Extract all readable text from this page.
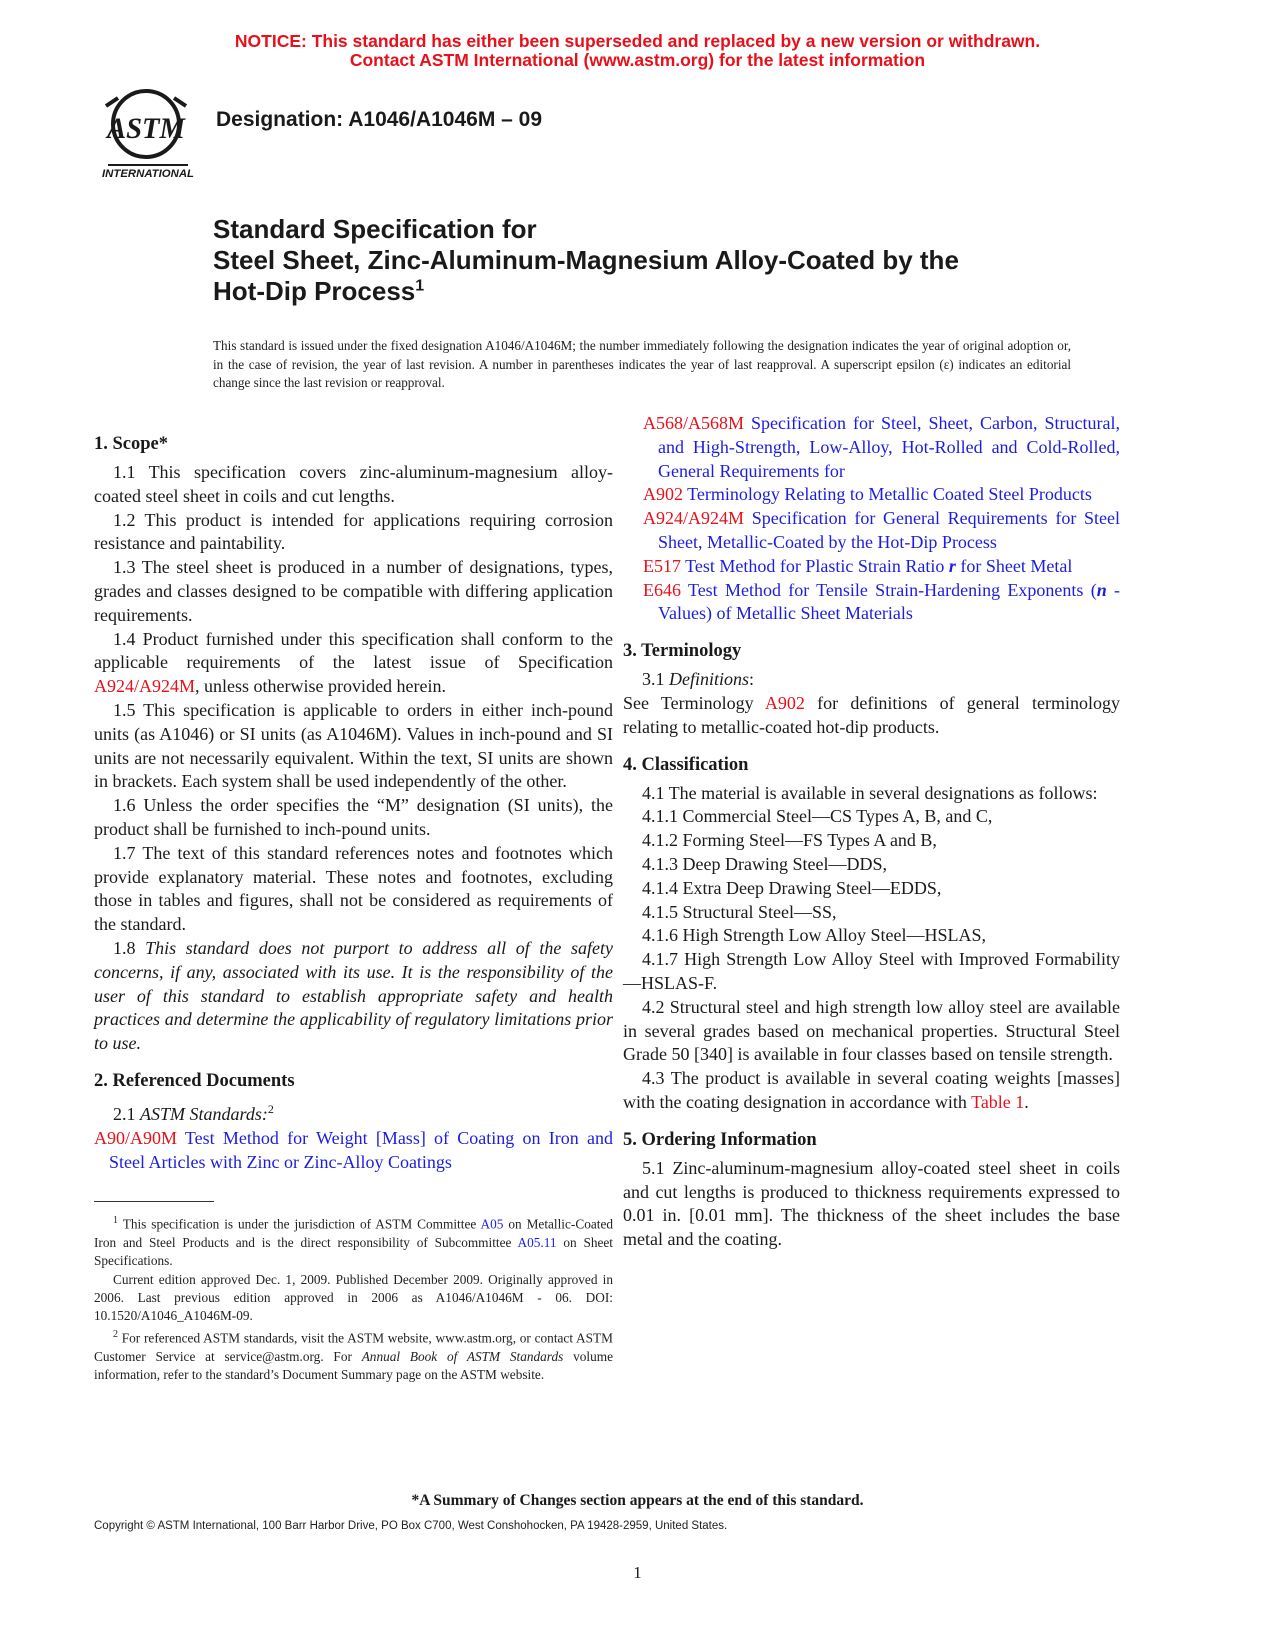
NOTICE: This standard has either been superseded and replaced by a new version or withdrawn.
Contact ASTM International (www.astm.org) for the latest information
ASTM
INTERNATIONAL
Designation: A1046/A1046M – 09
Standard Specification for
Steel Sheet, Zinc-Aluminum-Magnesium Alloy-Coated by the
Hot-Dip Process$^1$
This standard is issued under the fixed designation A1046/A1046M; the number immediately following the designation indicates the year of original adoption or, in the case of revision, the year of last revision. A number in parentheses indicates the year of last reapproval. A superscript epsilon (ε) indicates an editorial change since the last revision or reapproval.
1. Scope*

1.1 This specification covers zinc-aluminum-magnesium alloy-coated steel sheet in coils and cut lengths.

1.2 This product is intended for applications requiring corrosion resistance and paintability.

1.3 The steel sheet is produced in a number of designations, types, grades and classes designed to be compatible with differing application requirements.

1.4 Product furnished under this specification shall conform to the applicable requirements of the latest issue of Specification A924/A924M, unless otherwise provided herein.

1.5 This specification is applicable to orders in either inch-pound units (as A1046) or SI units (as A1046M). Values in inch-pound and SI units are not necessarily equivalent. Within the text, SI units are shown in brackets. Each system shall be used independently of the other.

1.6 Unless the order specifies the “M” designation (SI units), the product shall be furnished to inch-pound units.

1.7 The text of this standard references notes and footnotes which provide explanatory material. These notes and footnotes, excluding those in tables and figures, shall not be considered as requirements of the standard.

1.8 This standard does not purport to address all of the safety concerns, if any, associated with its use. It is the responsibility of the user of this standard to establish appropriate safety and health practices and determine the applicability of regulatory limitations prior to use.

2. Referenced Documents

2.1 ASTM Standards:$^2$

A90/A90M Test Method for Weight [Mass] of Coating on Iron and Steel Articles with Zinc or Zinc-Alloy Coatings

$^1$ This specification is under the jurisdiction of ASTM Committee A05 on Metallic-Coated Iron and Steel Products and is the direct responsibility of Subcommittee A05.11 on Sheet Specifications.

Current edition approved Dec. 1, 2009. Published December 2009. Originally approved in 2006. Last previous edition approved in 2006 as A1046/A1046M - 06. DOI: 10.1520/A1046_A1046M-09.

$^2$ For referenced ASTM standards, visit the ASTM website, www.astm.org, or contact ASTM Customer Service at service@astm.org. For Annual Book of ASTM Standards volume information, refer to the standard’s Document Summary page on the ASTM website.

A568/A568M Specification for Steel, Sheet, Carbon, Structural, and High-Strength, Low-Alloy, Hot-Rolled and Cold-Rolled, General Requirements for
A902 Terminology Relating to Metallic Coated Steel Products
A924/A924M Specification for General Requirements for Steel Sheet, Metallic-Coated by the Hot-Dip Process
E517 Test Method for Plastic Strain Ratio r for Sheet Metal
E646 Test Method for Tensile Strain-Hardening Exponents (n -Values) of Metallic Sheet Materials
3. Terminology

3.1 Definitions:

See Terminology A902 for definitions of general terminology relating to metallic-coated hot-dip products.

4. Classification

4.1 The material is available in several designations as follows:

4.1.1 Commercial Steel—CS Types A, B, and C,
4.1.2 Forming Steel—FS Types A and B,
4.1.3 Deep Drawing Steel—DDS,
4.1.4 Extra Deep Drawing Steel—EDDS,
4.1.5 Structural Steel—SS,
4.1.6 High Strength Low Alloy Steel—HSLAS,

4.1.7 High Strength Low Alloy Steel with Improved Formability—HSLAS-F.

4.2 Structural steel and high strength low alloy steel are available in several grades based on mechanical properties. Structural Steel Grade 50 [340] is available in four classes based on tensile strength.

4.3 The product is available in several coating weights [masses] with the coating designation in accordance with Table 1.

5. Ordering Information

5.1 Zinc-aluminum-magnesium alloy-coated steel sheet in coils and cut lengths is produced to thickness requirements expressed to 0.01 in. [0.01 mm]. The thickness of the sheet includes the base metal and the coating.

*A Summary of Changes section appears at the end of this standard.
Copyright © ASTM International, 100 Barr Harbor Drive, PO Box C700, West Conshohocken, PA 19428-2959, United States.
1
